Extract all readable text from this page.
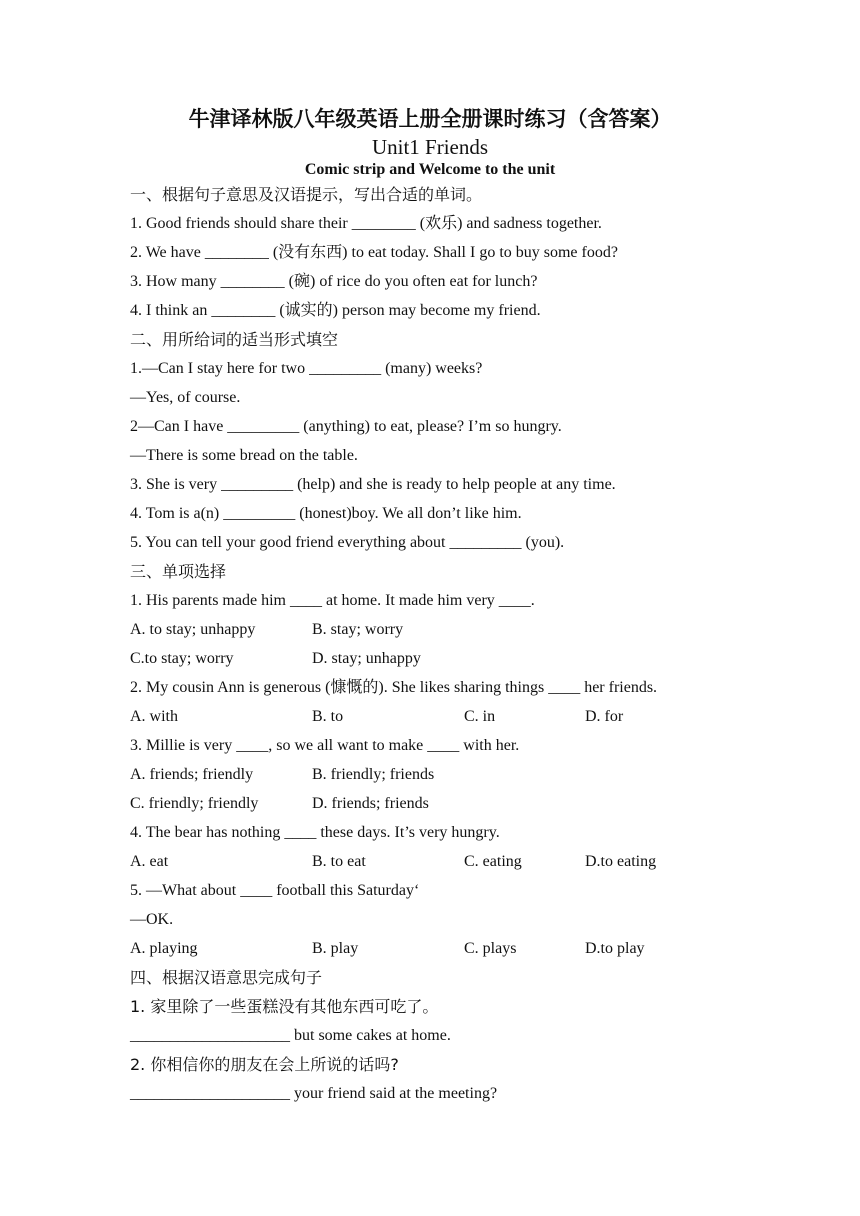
牛津译林版八年级英语上册全册课时练习（含答案）
Unit1 Friends
Comic strip and Welcome to the unit
一、根据句子意思及汉语提示，写出合适的单词。
1. Good friends should share their ________ (欢乐) and sadness together.
2. We have ________ (没有东西) to eat today. Shall I go to buy some food?
3. How many ________ (碗) of rice do you often eat for lunch?
4. I think an ________ (诚实的) person may become my friend.
二、用所给词的适当形式填空
1.—Can I stay here for two _________ (many) weeks?
—Yes, of course.
2—Can I have _________ (anything) to eat, please? I’m so hungry.
—There is some bread on the table.
3. She is very _________ (help) and she is ready to help people at any time.
4. Tom is a(n) _________ (honest)boy. We all don’t like him.
5. You can tell your good friend everything about _________ (you).
三、单项选择
1. His parents made him ____ at home. It made him very ____.
A. to stay; unhappy	B. stay; worry
C.to stay; worry	D. stay; unhappy
2. My cousin Ann is generous (慷慨的). She likes sharing things ____ her friends.
A. with	B. to	C. in	D. for
3. Millie is very ____, so we all want to make ____ with her.
A. friends; friendly	B. friendly; friends
C. friendly; friendly	D. friends; friends
4. The bear has nothing ____ these days. It’s very hungry.
A. eat	B. to eat	C. eating	D.to eating
5. —What about ____ football this Saturday‘
—OK.
A. playing	B. play	C. plays	D.to play
四、根据汉语意思完成句子
1. 家里除了一些蛋糕没有其他东西可吃了。
____________________ but some cakes at home.
2. 你相信你的朋友在会上所说的话吗?
____________________ your friend said at the meeting?
